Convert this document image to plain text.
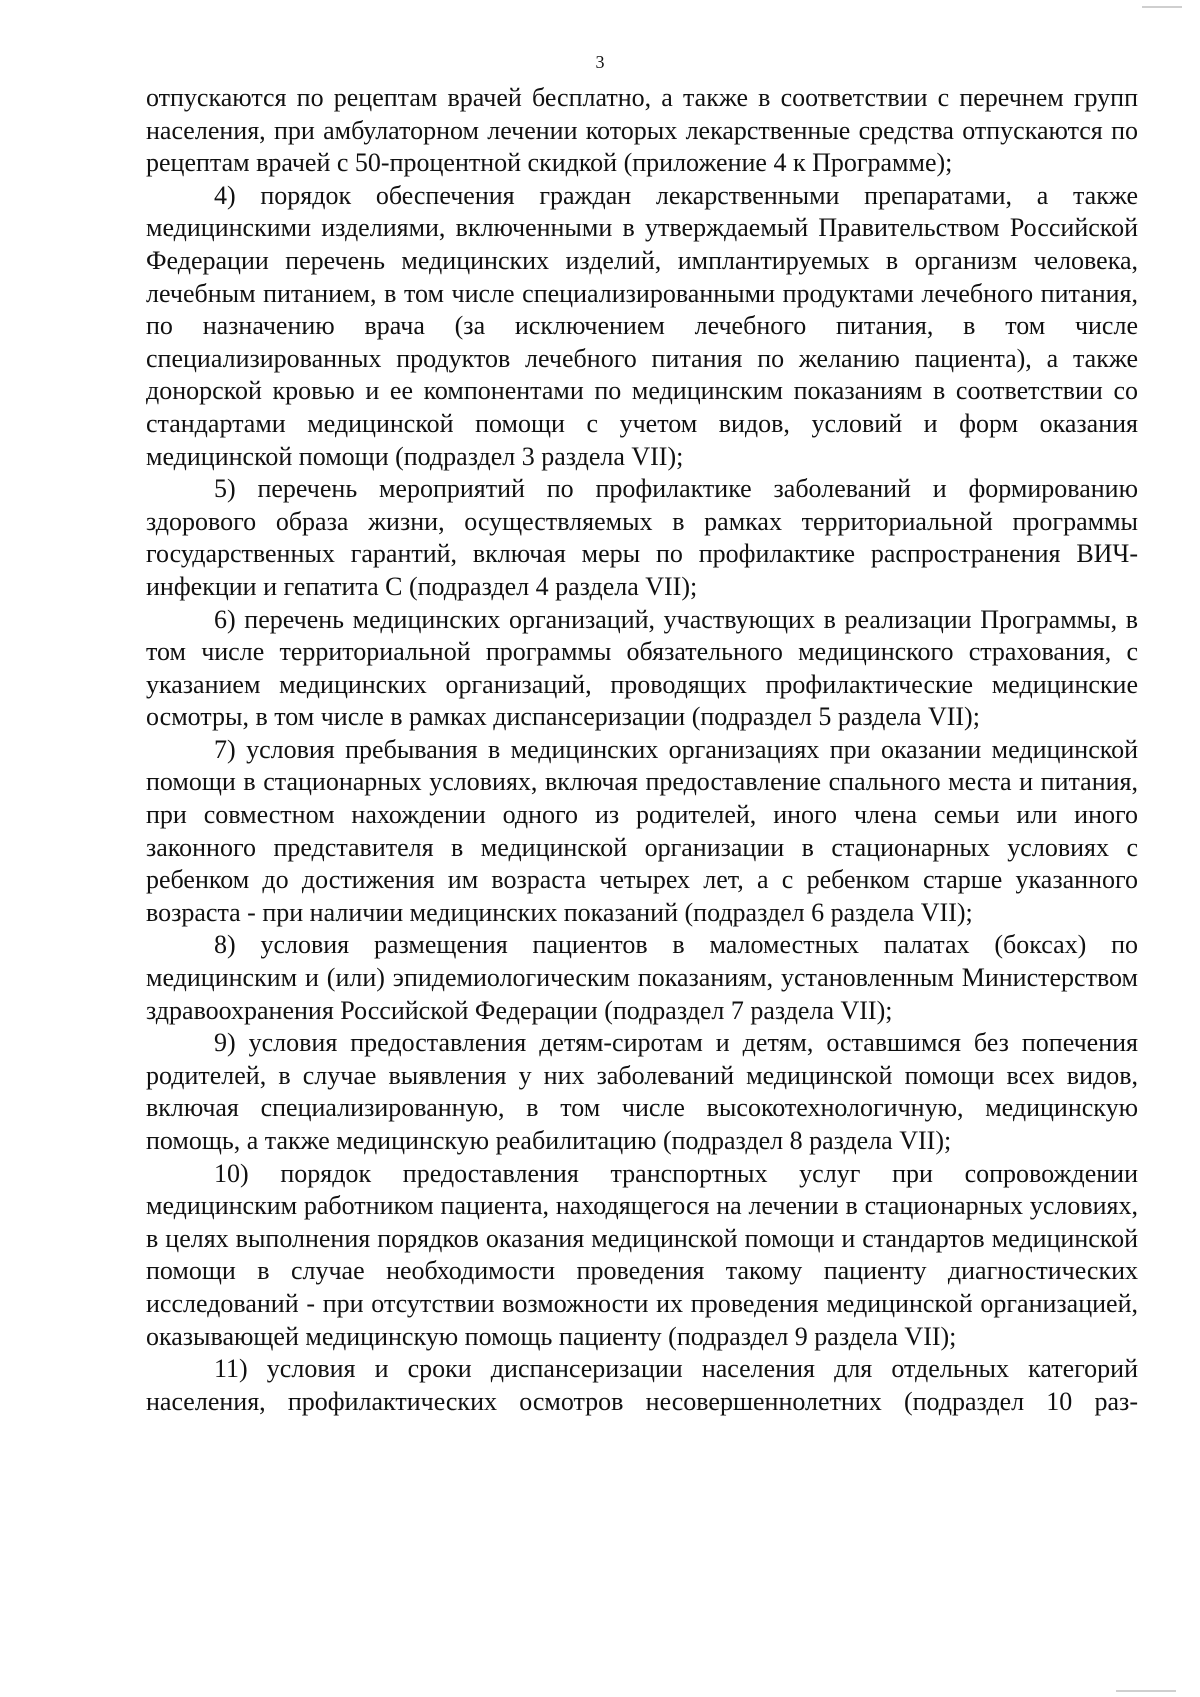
3

отпускаются по рецептам врачей бесплатно, а также в соответствии с перечнем групп населения, при амбулаторном лечении которых лекарственные средства отпускаются по рецептам врачей с 50-процентной скидкой (приложение 4 к Программе);

4) порядок обеспечения граждан лекарственными препаратами, а также медицинскими изделиями, включенными в утверждаемый Правительством Российской Федерации перечень медицинских изделий, имплантируемых в организм человека, лечебным питанием, в том числе специализированными продуктами лечебного питания, по назначению врача (за исключением лечебного питания, в том числе специализированных продуктов лечебного питания по желанию пациента), а также донорской кровью и ее компонентами по медицинским показаниям в соответствии со стандартами медицинской помощи с учетом видов, условий и форм оказания медицинской помощи (подраздел 3 раздела VII);

5) перечень мероприятий по профилактике заболеваний и формированию здорового образа жизни, осуществляемых в рамках территориальной программы государственных гарантий, включая меры по профилактике распространения ВИЧ-инфекции и гепатита С (подраздел 4 раздела VII);

6) перечень медицинских организаций, участвующих в реализации Программы, в том числе территориальной программы обязательного медицинского страхования, с указанием медицинских организаций, проводящих профилактические медицинские осмотры, в том числе в рамках диспансеризации (подраздел 5 раздела VII);

7) условия пребывания в медицинских организациях при оказании медицинской помощи в стационарных условиях, включая предоставление спального места и питания, при совместном нахождении одного из родителей, иного члена семьи или иного законного представителя в медицинской организации в стационарных условиях с ребенком до достижения им возраста четырех лет, а с ребенком старше указанного возраста - при наличии медицинских показаний (подраздел 6 раздела VII);

8) условия размещения пациентов в маломестных палатах (боксах) по медицинским и (или) эпидемиологическим показаниям, установленным Министерством здравоохранения Российской Федерации (подраздел 7 раздела VII);

9) условия предоставления детям-сиротам и детям, оставшимся без попечения родителей, в случае выявления у них заболеваний медицинской помощи всех видов, включая специализированную, в том числе высокотехнологичную, медицинскую помощь, а также медицинскую реабилитацию (подраздел 8 раздела VII);

10) порядок предоставления транспортных услуг при сопровождении медицинским работником пациента, находящегося на лечении в стационарных условиях, в целях выполнения порядков оказания медицинской помощи и стандартов медицинской помощи в случае необходимости проведения такому пациенту диагностических исследований - при отсутствии возможности их проведения медицинской организацией, оказывающей медицинскую помощь пациенту (подраздел 9 раздела VII);

11) условия и сроки диспансеризации населения для отдельных категорий населения, профилактических осмотров несовершеннолетних (подраздел 10 раз-
